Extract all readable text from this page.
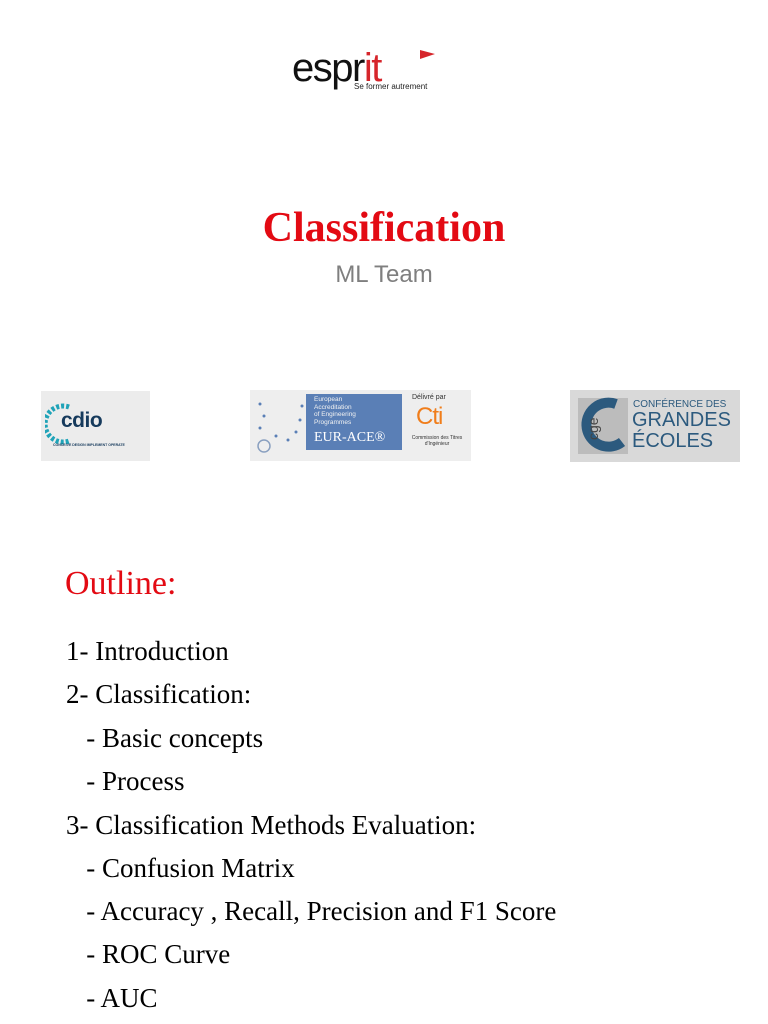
esprit
Se former autrement
Classification
ML Team
cdio
CONCEIVE DESIGN IMPLEMENT OPERATE
European
Accreditation
of Engineering
Programmes
EUR-ACE®
Délivré par
Cti
Commission des Titres d'Ingénieur
cge
CONFÉRENCE DES
GRANDES
ÉCOLES
Outline:
1- Introduction
2- Classification:
- Basic concepts
- Process
3- Classification Methods Evaluation:
- Confusion Matrix
- Accuracy , Recall, Precision and F1 Score
- ROC Curve
- AUC
